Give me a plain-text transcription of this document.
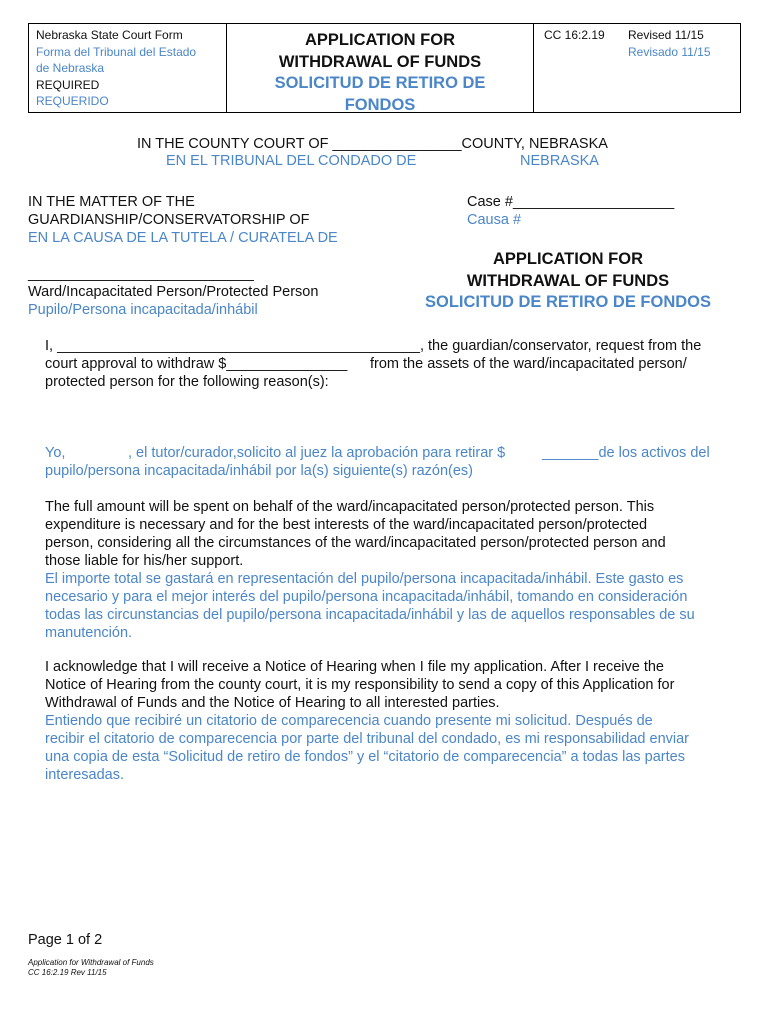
Nebraska State Court Form
Forma del Tribunal del Estado
de Nebraska
REQUIRED
REQUERIDO
APPLICATION FOR
WITHDRAWAL OF FUNDS
SOLICITUD DE RETIRO DE
FONDOS
CC 16:2.19 Revised 11/15
Revisado 11/15
IN THE COUNTY COURT OF ________________COUNTY, NEBRASKA
EN EL TRIBUNAL DEL CONDADO DE	NEBRASKA
IN THE MATTER OF THE
GUARDIANSHIP/CONSERVATORSHIP OF
EN LA CAUSA DE LA TUTELA / CURATELA DE
____________________________
Ward/Incapacitated Person/Protected Person
Pupilo/Persona incapacitada/inhábil
Case #____________________
Causa #
APPLICATION FOR
WITHDRAWAL OF FUNDS
SOLICITUD DE RETIRO DE FONDOS
I, _____________________________________________, the guardian/conservator, request from the
court approval to withdraw $_______________ from the assets of the ward/incapacitated person/
protected person for the following reason(s):
Yo,	, el tutor/curador,solicito al juez la aprobación para retirar $	_______de los activos del
pupilo/persona incapacitada/inhábil por la(s) siguiente(s) razón(es)
The full amount will be spent on behalf of the ward/incapacitated person/protected person. This
expenditure is necessary and for the best interests of the ward/incapacitated person/protected
person, considering all the circumstances of the ward/incapacitated person/protected person and
those liable for his/her support.
El importe total se gastará en representación del pupilo/persona incapacitada/inhábil. Este gasto es
necesario y para el mejor interés del pupilo/persona incapacitada/inhábil, tomando en consideración
todas las circunstancias del pupilo/persona incapacitada/inhábil y las de aquellos responsables de su
manutención.
I acknowledge that I will receive a Notice of Hearing when I file my application. After I receive the
Notice of Hearing from the county court, it is my responsibility to send a copy of this Application for
Withdrawal of Funds and the Notice of Hearing to all interested parties.
Entiendo que recibiré un citatorio de comparecencia cuando presente mi solicitud. Después de
recibir el citatorio de comparecencia por parte del tribunal del condado, es mi responsabilidad enviar
una copia de esta “Solicitud de retiro de fondos” y el “citatorio de comparecencia” a todas las partes
interesadas.
Page 1 of 2
Application for Withdrawal of Funds
CC 16:2.19 Rev 11/15
